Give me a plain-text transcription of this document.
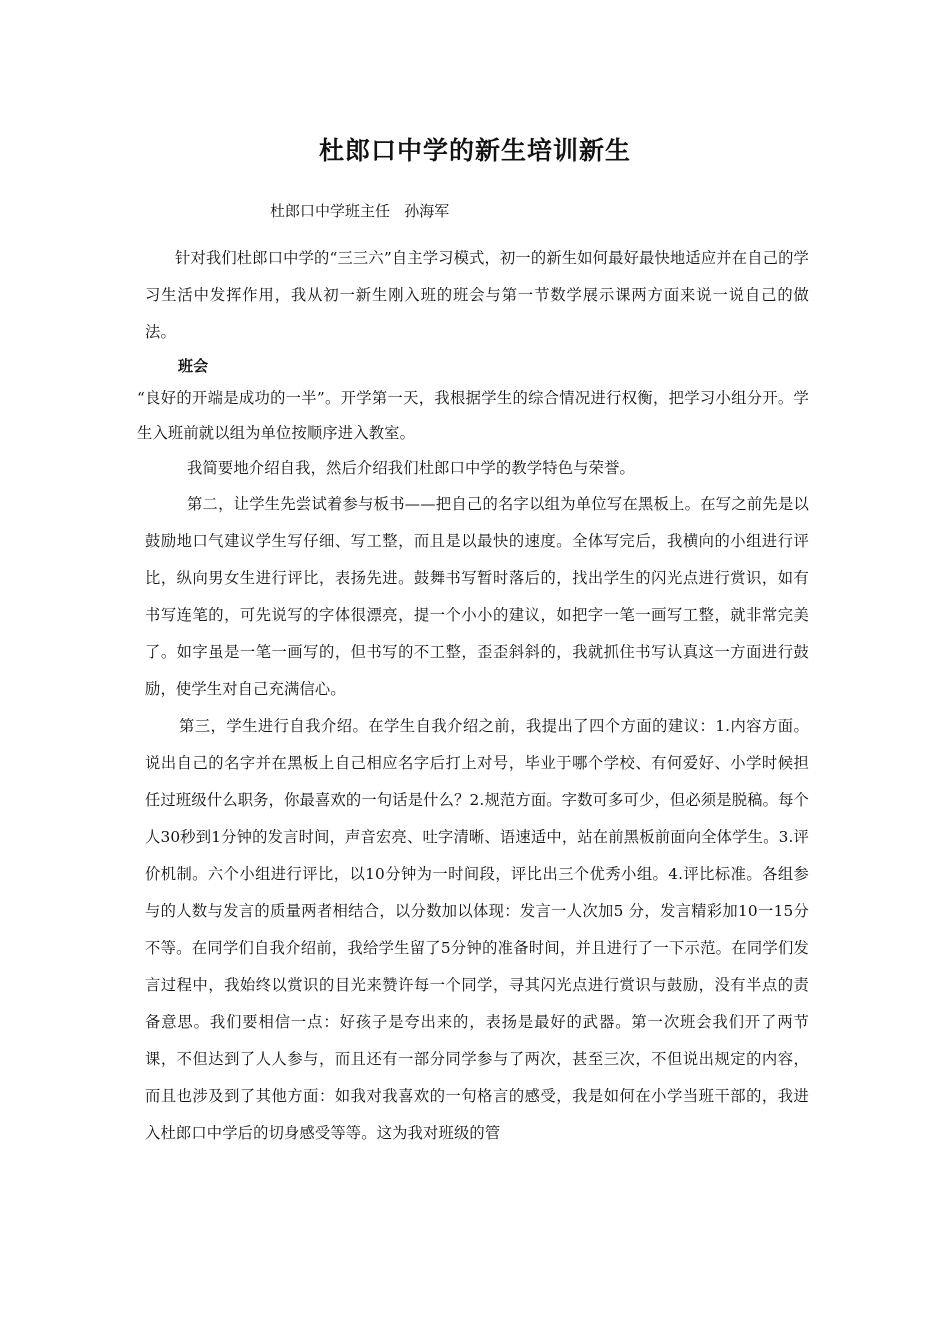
杜郎口中学的新生培训新生
杜郎口中学班主任   孙海军

针对我们杜郎口中学的“三三六”自主学习模式，初一的新生如何最好最快地适应并在自己的学习生活中发挥作用，我从初一新生刚入班的班会与第一节数学展示课两方面来说一说自己的做法。

班会

“良好的开端是成功的一半”。开学第一天，我根据学生的综合情况进行权衡，把学习小组分开。学生入班前就以组为单位按顺序进入教室。

我简要地介绍自我，然后介绍我们杜郎口中学的教学特色与荣誉。

第二，让学生先尝试着参与板书——把自己的名字以组为单位写在黑板上。在写之前先是以鼓励地口气建议学生写仔细、写工整，而且是以最快的速度。全体写完后，我横向的小组进行评比，纵向男女生进行评比，表扬先进。鼓舞书写暂时落后的，找出学生的闪光点进行赏识，如有书写连笔的，可先说写的字体很漂亮，提一个小小的建议，如把字一笔一画写工整，就非常完美了。如字虽是一笔一画写的，但书写的不工整，歪歪斜斜的，我就抓住书写认真这一方面进行鼓励，使学生对自己充满信心。

第三，学生进行自我介绍。在学生自我介绍之前，我提出了四个方面的建议：1.内容方面。说出自己的名字并在黑板上自己相应名字后打上对号，毕业于哪个学校、有何爱好、小学时候担任过班级什么职务，你最喜欢的一句话是什么？2.规范方面。字数可多可少，但必须是脱稿。每个人30秒到1分钟的发言时间，声音宏亮、吐字清晰、语速适中，站在前黑板前面向全体学生。3.评价机制。六个小组进行评比，以10分钟为一时间段，评比出三个优秀小组。4.评比标准。各组参与的人数与发言的质量两者相结合，以分数加以体现：发言一人次加5 分，发言精彩加10一15分不等。在同学们自我介绍前，我给学生留了5分钟的准备时间，并且进行了一下示范。在同学们发言过程中，我始终以赏识的目光来赞许每一个同学，寻其闪光点进行赏识与鼓励，没有半点的责备意思。我们要相信一点：好孩子是夸出来的，表扬是最好的武器。第一次班会我们开了两节课，不但达到了人人参与，而且还有一部分同学参与了两次，甚至三次，不但说出规定的内容，而且也涉及到了其他方面：如我对我喜欢的一句格言的感受，我是如何在小学当班干部的，我进入杜郎口中学后的切身感受等等。这为我对班级的管
